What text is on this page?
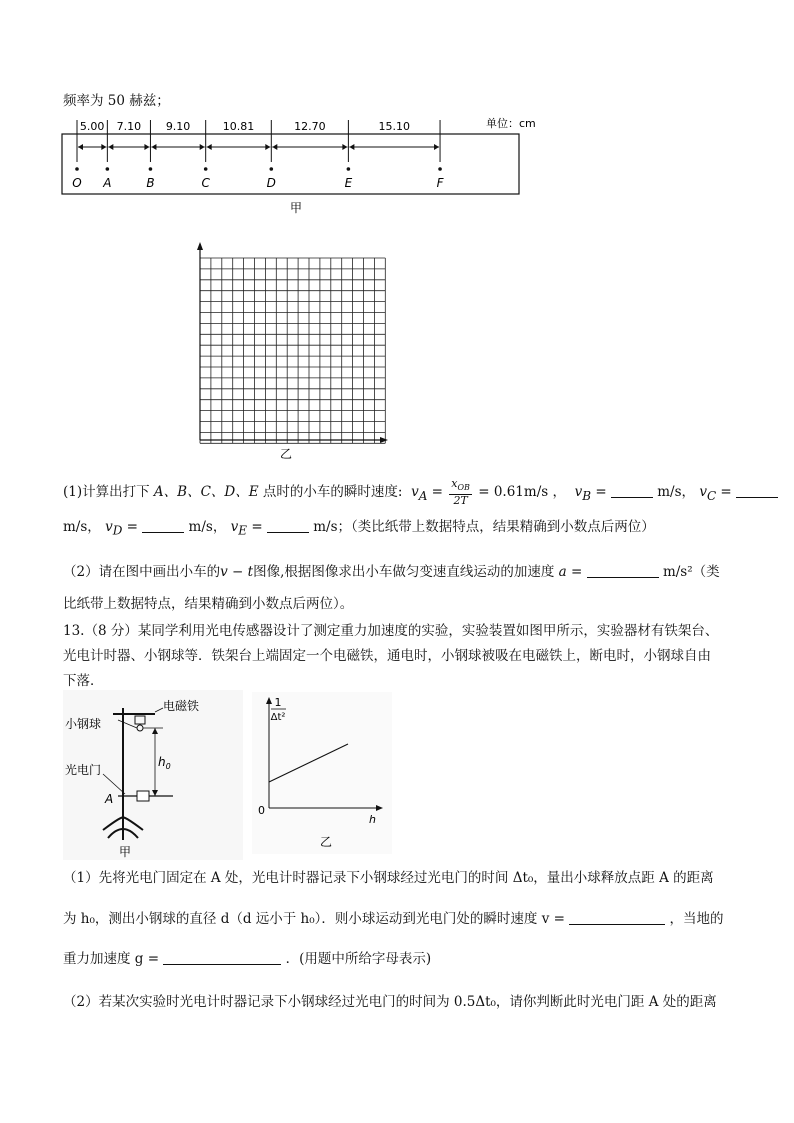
频率为 50 赫兹；
O A	B	C	D	E	F
5.00 7.10 9.10	10.81	12.70	15.10	单位：cm
甲
乙
(1)计算出打下 A、B、C、D、E 点时的小车的瞬时速度: $v_A = \frac{x_{OB}}{2T} = 0.61m/s$ ， $v_B$ =	m/s， $v_C$ =
m/s， $v_D$ =	m/s， $v_E$ =	m/s；（类比纸带上数据特点，结果精确到小数点后两位）
（2）请在图中画出小车的v − t图像,根据图像求出小车做匀变速直线运动的加速度 a =	m/s²（类
比纸带上数据特点，结果精确到小数点后两位）。
13.（8 分）某同学利用光电传感器设计了测定重力加速度的实验，实验装置如图甲所示，实验器材有铁架台、
光电计时器、小钢球等．铁架台上端固定一个电磁铁，通电时，小钢球被吸在电磁铁上，断电时，小钢球自由
下落．
电磁铁
小钢球
光电门
A
$h_0$
甲
1
Δt²
0
h
乙
（1）先将光电门固定在 A 处，光电计时器记录下小钢球经过光电门的时间 Δt₀，量出小球释放点距 A 的距离
为 h₀，测出小钢球的直径 d（d 远小于 h₀）．则小球运动到光电门处的瞬时速度 v =	，当地的
重力加速度 g =	．(用题中所给字母表示)
（2）若某次实验时光电计时器记录下小钢球经过光电门的时间为 0.5Δt₀，请你判断此时光电门距 A 处的距离
